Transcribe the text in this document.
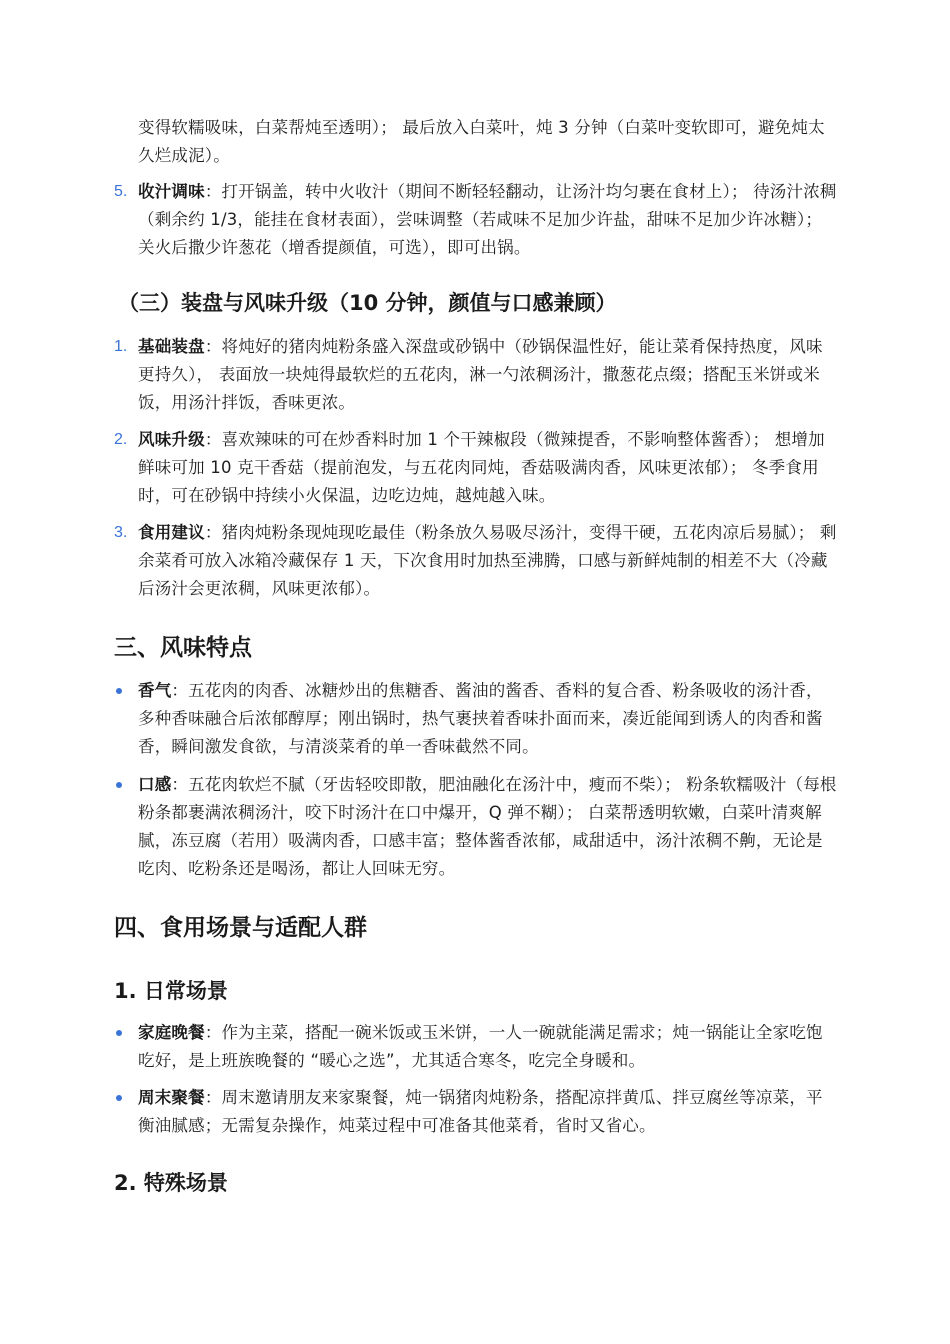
变得软糯吸味，白菜帮炖至透明）； 最后放入白菜叶，炖 3 分钟（白菜叶变软即可，避免炖太久烂成泥）。

5. 收汁调味：打开锅盖，转中火收汁（期间不断轻轻翻动，让汤汁均匀裹在食材上）； 待汤汁浓稠（剩余约 1/3，能挂在食材表面），尝味调整（若咸味不足加少许盐，甜味不足加少许冰糖）； 关火后撒少许葱花（增香提颜值，可选），即可出锅。

（三）装盘与风味升级（10 分钟，颜值与口感兼顾）
1. 基础装盘：将炖好的猪肉炖粉条盛入深盘或砂锅中（砂锅保温性好，能让菜肴保持热度，风味更持久）， 表面放一块炖得最软烂的五花肉，淋一勺浓稠汤汁，撒葱花点缀；搭配玉米饼或米饭，用汤汁拌饭，香味更浓。

2. 风味升级：喜欢辣味的可在炒香料时加 1 个干辣椒段（微辣提香，不影响整体酱香）； 想增加鲜味可加 10 克干香菇（提前泡发，与五花肉同炖，香菇吸满肉香，风味更浓郁）； 冬季食用时，可在砂锅中持续小火保温，边吃边炖，越炖越入味。

3. 食用建议：猪肉炖粉条现炖现吃最佳（粉条放久易吸尽汤汁，变得干硬，五花肉凉后易腻）； 剩余菜肴可放入冰箱冷藏保存 1 天，下次食用时加热至沸腾，口感与新鲜炖制的相差不大（冷藏后汤汁会更浓稠，风味更浓郁）。

三、风味特点

香气：五花肉的肉香、冰糖炒出的焦糖香、酱油的酱香、香料的复合香、粉条吸收的汤汁香，多种香味融合后浓郁醇厚；刚出锅时，热气裹挟着香味扑面而来，凑近能闻到诱人的肉香和酱香，瞬间激发食欲，与清淡菜肴的单一香味截然不同。

口感：五花肉软烂不腻（牙齿轻咬即散，肥油融化在汤汁中，瘦而不柴）； 粉条软糯吸汁（每根粉条都裹满浓稠汤汁，咬下时汤汁在口中爆开，Q 弹不糊）； 白菜帮透明软嫩，白菜叶清爽解腻，冻豆腐（若用）吸满肉香，口感丰富；整体酱香浓郁，咸甜适中，汤汁浓稠不齁，无论是吃肉、吃粉条还是喝汤，都让人回味无穷。

四、食用场景与适配人群
1. 日常场景

家庭晚餐：作为主菜，搭配一碗米饭或玉米饼，一人一碗就能满足需求；炖一锅能让全家吃饱吃好，是上班族晚餐的 “暖心之选”，尤其适合寒冬，吃完全身暖和。

周末聚餐：周末邀请朋友来家聚餐，炖一锅猪肉炖粉条，搭配凉拌黄瓜、拌豆腐丝等凉菜，平衡油腻感；无需复杂操作，炖菜过程中可准备其他菜肴，省时又省心。

2. 特殊场景
